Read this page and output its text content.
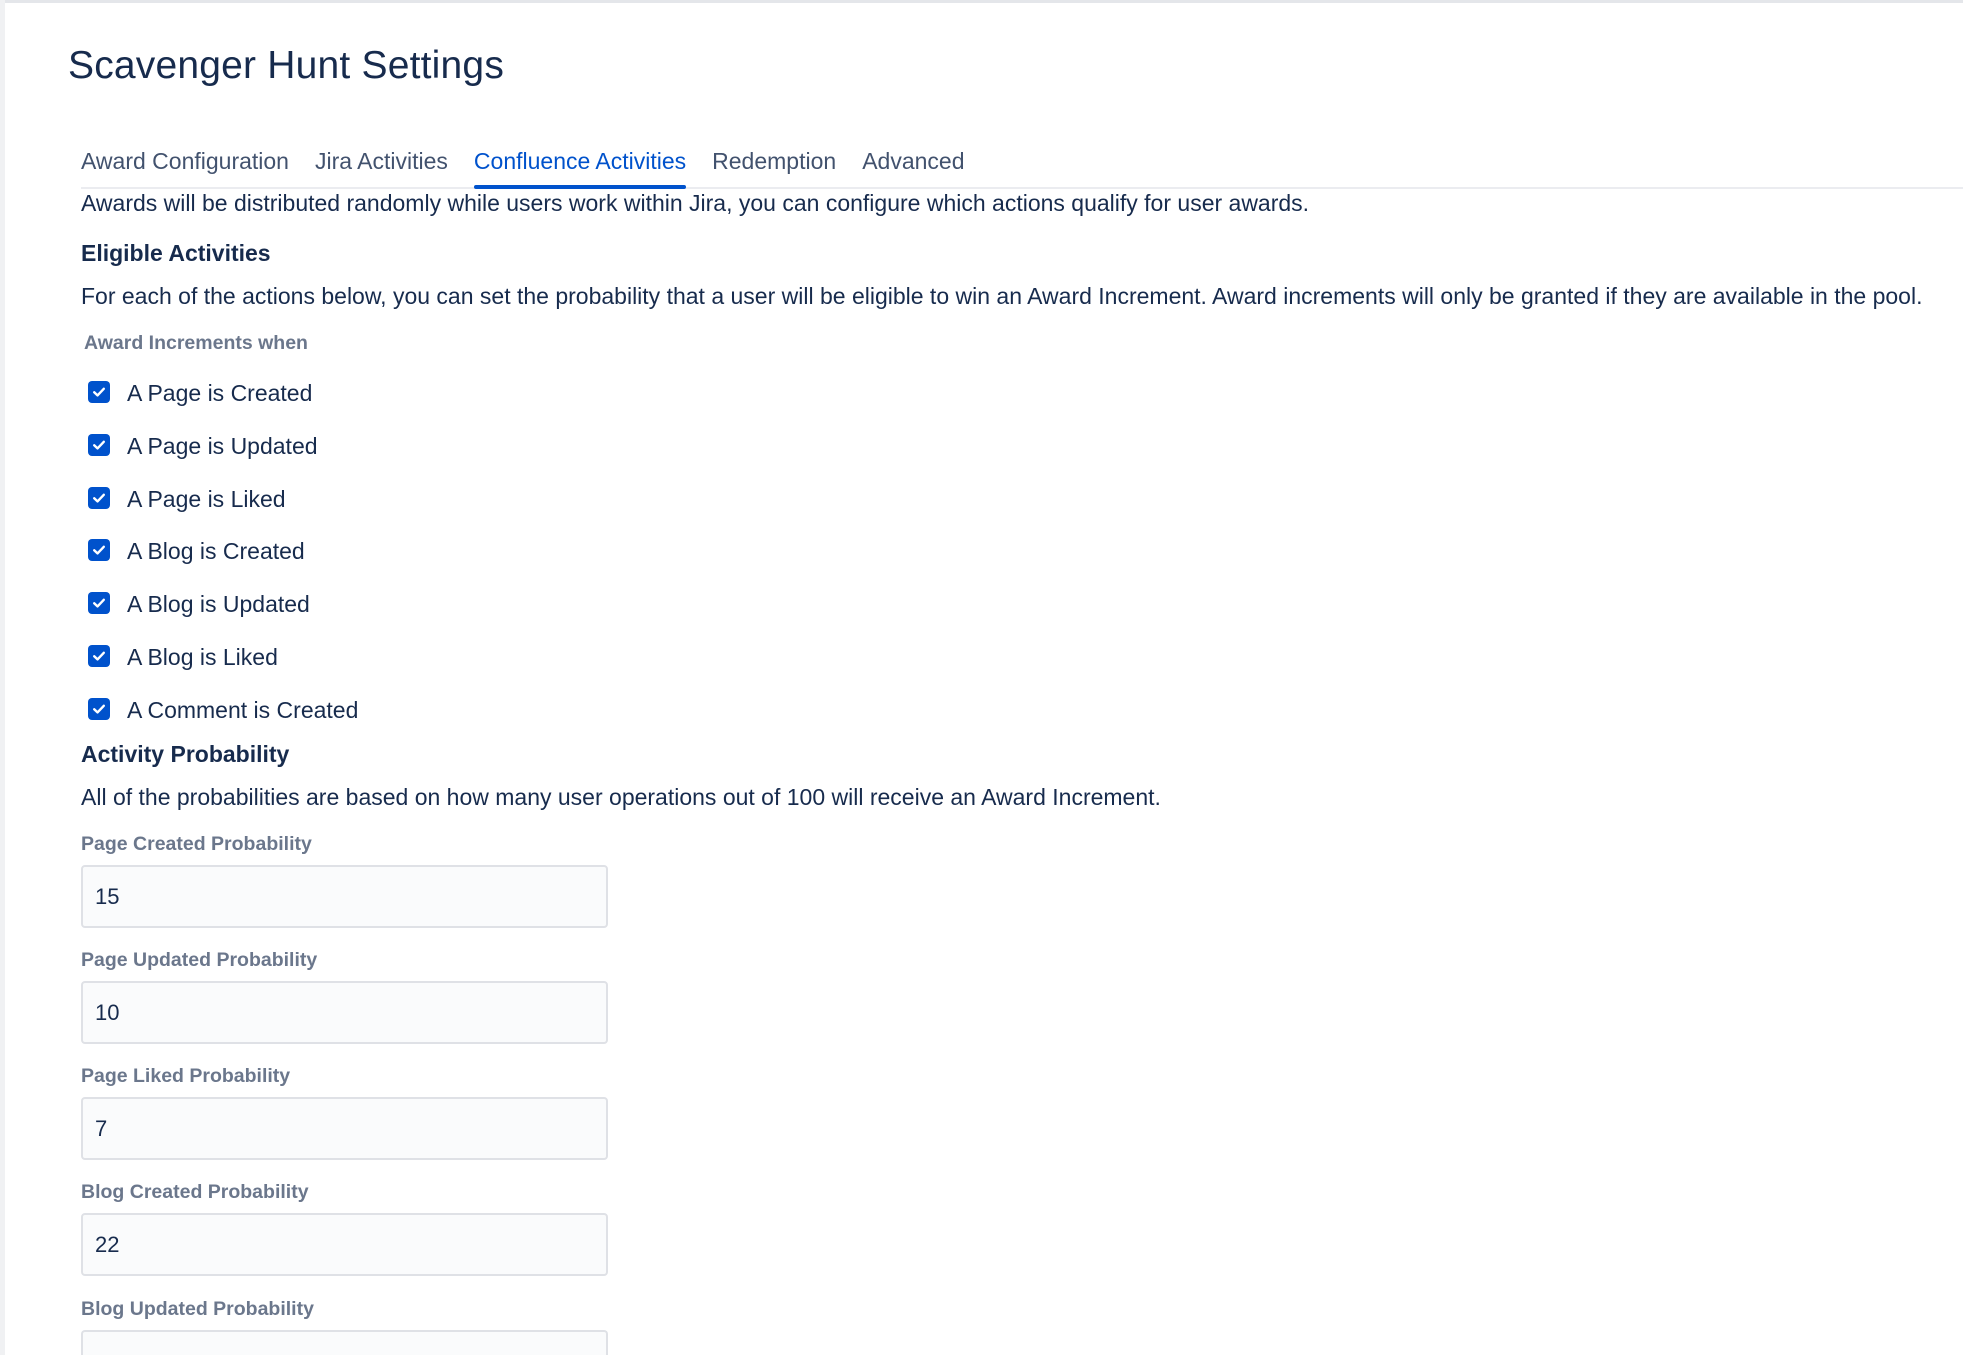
Scavenger Hunt Settings
Award Configuration Jira Activities Confluence Activities Redemption Advanced
Awards will be distributed randomly while users work within Jira, you can configure which actions qualify for user awards.
Eligible Activities
For each of the actions below, you can set the probability that a user will be eligible to win an Award Increment. Award increments will only be granted if they are available in the pool.
Award Increments when
A Page is Created
A Page is Updated
A Page is Liked
A Blog is Created
A Blog is Updated
A Blog is Liked
A Comment is Created
Activity Probability
All of the probabilities are based on how many user operations out of 100 will receive an Award Increment.
Page Created Probability
15
Page Updated Probability
10
Page Liked Probability
7
Blog Created Probability
22
Blog Updated Probability
